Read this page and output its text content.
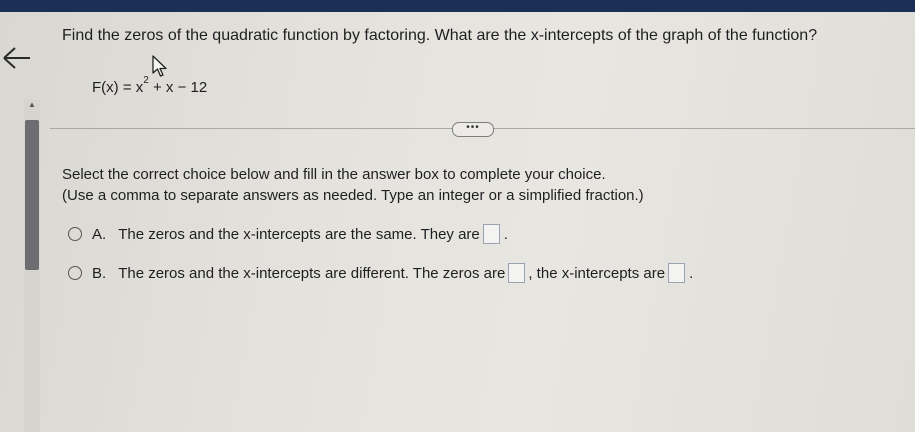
▲
Find the zeros of the quadratic function by factoring. What are the x-intercepts of the graph of the function?
$F(x) = x^2 + x - 12$
•••
Select the correct choice below and fill in the answer box to complete your choice.
(Use a comma to separate answers as needed. Type an integer or a simplified fraction.)
A. The zeros and the x-intercepts are the same. They are .
B. The zeros and the x-intercepts are different. The zeros are , the x-intercepts are .
